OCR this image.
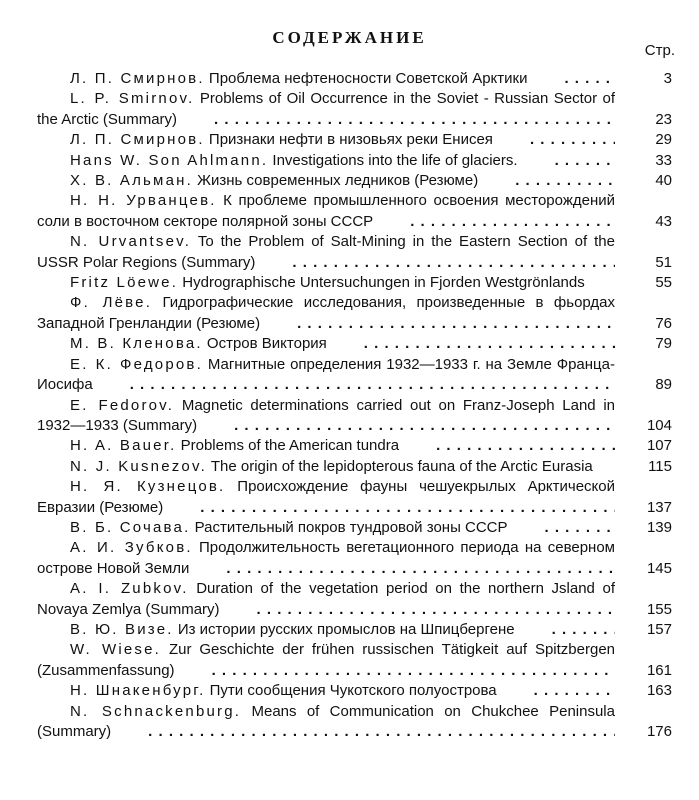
СОДЕРЖАНИЕ
Стр.
Л. П. Смирнов. Проблема нефтеносности Советской Арктики . . .	3
L. P. Smirnov. Problems of Oil Occurrence in the Soviet - Russian Sector of the Arctic (Summary) . . .	23
Л. П. Смирнов. Признаки нефти в низовьях реки Енисея . . .	29
Hans W. Son Ahlmann. Investigations into the life of glaciers. . . .	33
Х. В. Альман. Жизнь современных ледников (Резюме) . . .	40
Н. Н. Урванцев. К проблеме промышленного освоения месторождений соли в восточном секторе полярной зоны СССР . . .	43
N. Urvantsev. To the Problem of Salt-Mining in the Eastern Section of the USSR Polar Regions (Summary) . . .	51
Fritz Löewe. Hydrographische Untersuchungen in Fjorden Westgrönlands . . .	55
Ф. Лёве. Гидрографические исследования, произведенные в фьордах Западной Гренландии (Резюме) . . .	76
М. В. Кленова. Остров Виктория . . .	79
Е. К. Федоров. Магнитные определения 1932—1933 г. на Земле Франца-Иосифа . . .	89
E. Fedorov. Magnetic determinations carried out on Franz-Joseph Land in 1932—1933 (Summary) . . .	104
H. A. Bauer. Problems of the American tundra . . .	107
N. J. Kusnezov. The origin of the lepidopterous fauna of the Arctic Eurasia . . .	115
Н. Я. Кузнецов. Происхождение фауны чешуекрылых Арктической Евразии (Резюме) . . .	137
В. Б. Сочава. Растительный покров тундровой зоны СССР . . .	139
А. И. Зубков. Продолжительность вегетационного периода на северном острове Новой Земли . . .	145
A. I. Zubkov. Duration of the vegetation period on the northern Jsland of Novaya Zemlya (Summary) . . .	155
В. Ю. Визе. Из истории русских промыслов на Шпицбергене . . .	157
W. Wiese. Zur Geschichte der frühen russischen Tätigkeit auf Spitzbergen (Zusammenfassung) . . .	161
Н. Шнакенбург. Пути сообщения Чукотского полуострова . . .	163
N. Schnackenburg. Means of Communication on Chukchee Peninsula (Summary) . . .	176
